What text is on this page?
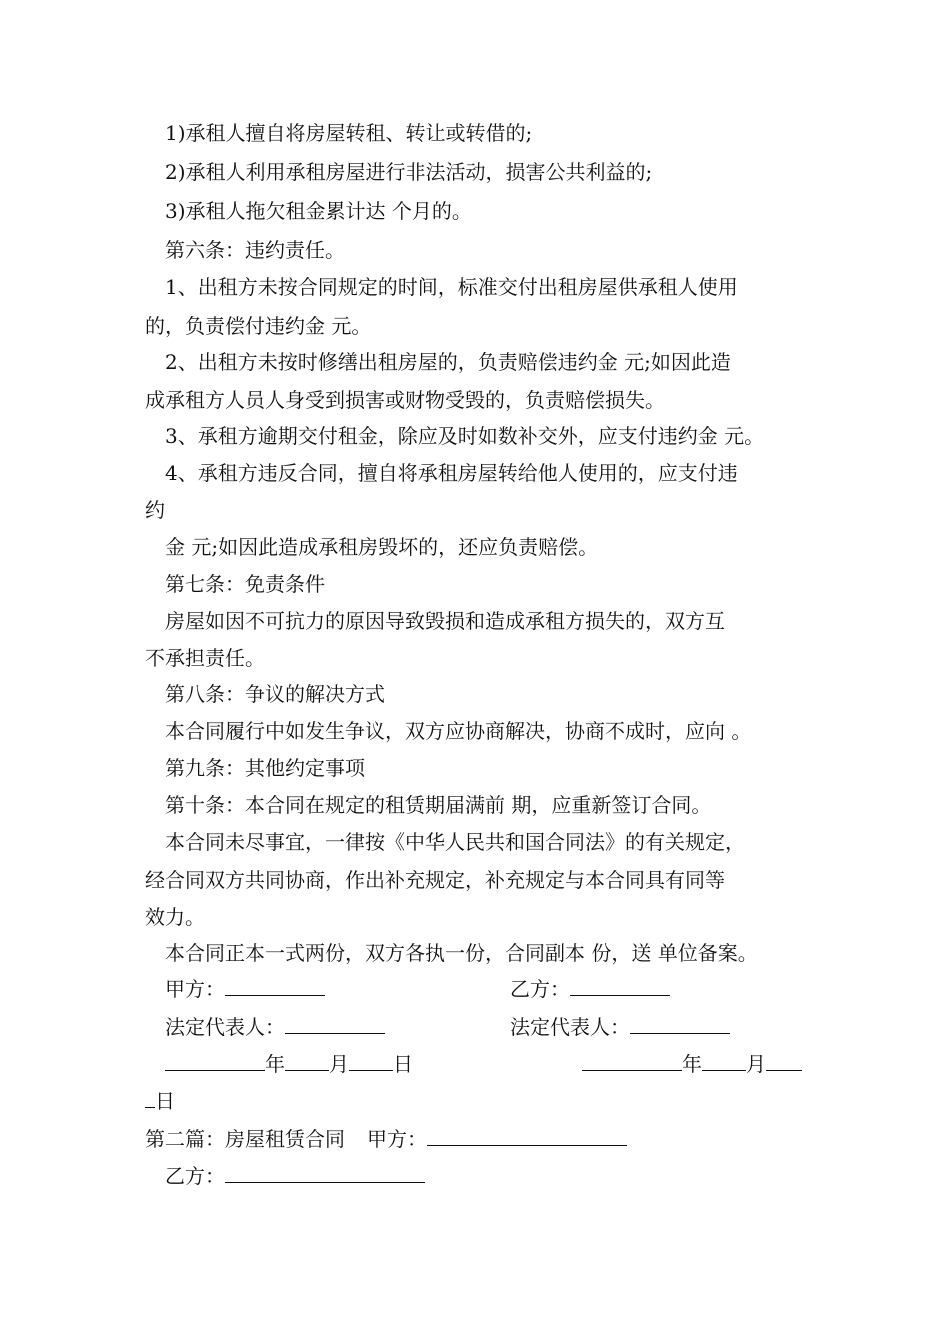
1)承租人擅自将房屋转租、转让或转借的;
2)承租人利用承租房屋进行非法活动，损害公共利益的;
3)承租人拖欠租金累计达 个月的。
第六条：违约责任。
1、出租方未按合同规定的时间，标准交付出租房屋供承租人使用
的，负责偿付违约金 元。
2、出租方未按时修缮出租房屋的，负责赔偿违约金 元;如因此造
成承租方人员人身受到损害或财物受毁的，负责赔偿损失。
3、承租方逾期交付租金，除应及时如数补交外，应支付违约金 元。
4、承租方违反合同，擅自将承租房屋转给他人使用的，应支付违
约
金 元;如因此造成承租房毁坏的，还应负责赔偿。
第七条：免责条件
房屋如因不可抗力的原因导致毁损和造成承租方损失的，双方互
不承担责任。
第八条：争议的解决方式
本合同履行中如发生争议，双方应协商解决，协商不成时，应向 。
第九条：其他约定事项
第十条：本合同在规定的租赁期届满前 期，应重新签订合同。
本合同未尽事宜，一律按《中华人民共和国合同法》的有关规定，
经合同双方共同协商，作出补充规定，补充规定与本合同具有同等
效力。
本合同正本一式两份，双方各执一份，合同副本 份，送 单位备案。
甲方：	乙方：
法定代表人：	法定代表人：
年 月 日	年 月
日
第二篇：房屋租赁合同 甲方：
乙方：
